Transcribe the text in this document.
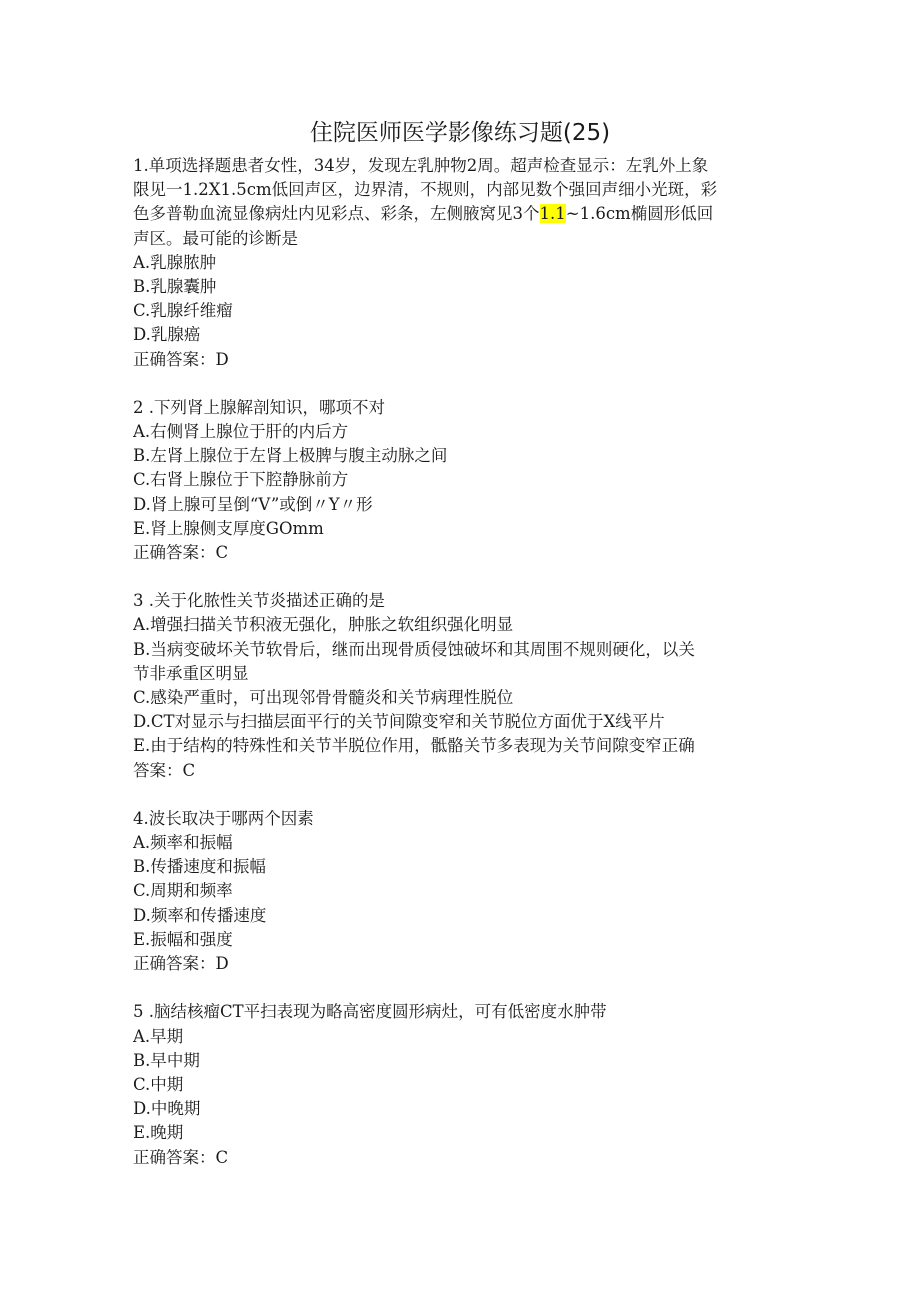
住院医师医学影像练习题(25)

1.单项选择题患者女性，34岁，发现左乳肿物2周。超声检查显示：左乳外上象

限见一1.2X1.5cm低回声区，边界清，不规则，内部见数个强回声细小光斑，彩

色多普勒血流显像病灶内见彩点、彩条，左侧腋窝见3个1.1~1.6cm椭圆形低回

声区。最可能的诊断是

A.乳腺脓肿

B.乳腺囊肿

C.乳腺纤维瘤

D.乳腺癌

正确答案：D

2 .下列肾上腺解剖知识，哪项不对

A.右侧肾上腺位于肝的内后方

B.左肾上腺位于左肾上极脾与腹主动脉之间

C.右肾上腺位于下腔静脉前方

D.肾上腺可呈倒“V”或倒〃Y〃形

E.肾上腺侧支厚度GOmm

正确答案：C

3 .关于化脓性关节炎描述正确的是

A.增强扫描关节积液无强化，肿胀之软组织强化明显

B.当病变破坏关节软骨后，继而出现骨质侵蚀破坏和其周围不规则硬化，以关

节非承重区明显

C.感染严重时，可出现邻骨骨髓炎和关节病理性脱位

D.CT对显示与扫描层面平行的关节间隙变窄和关节脱位方面优于X线平片

E.由于结构的特殊性和关节半脱位作用，骶骼关节多表现为关节间隙变窄正确

答案：C

4.波长取决于哪两个因素

A.频率和振幅

B.传播速度和振幅

C.周期和频率

D.频率和传播速度

E.振幅和强度

正确答案：D

5 .脑结核瘤CT平扫表现为略高密度圆形病灶，可有低密度水肿带

A.早期

B.早中期

C.中期

D.中晚期

E.晚期

正确答案：C
